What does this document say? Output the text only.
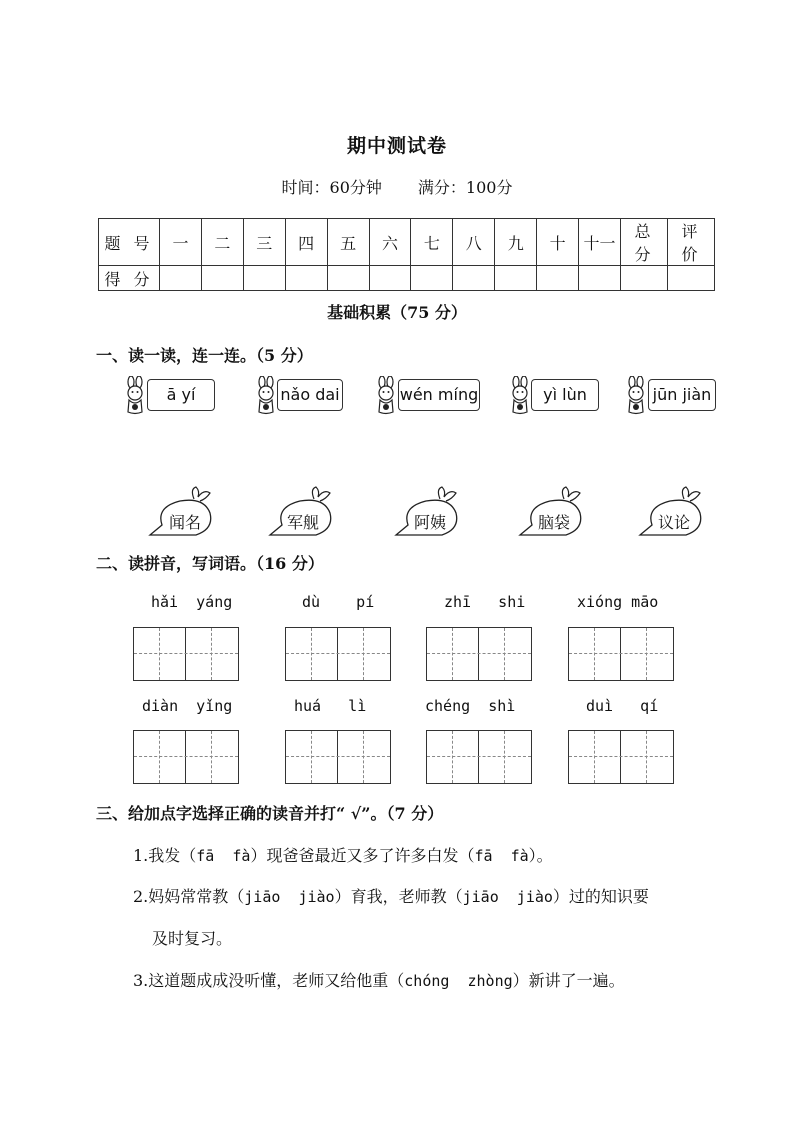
期中测试卷
时间：60分钟 满分：100分
题 号	一	二	三	四	五	六	七	八	九	十	十一	总 分	评 价
得 分													
基础积累（75 分）
一、读一读，连一连。（5 分）
ā yí	nǎo dai	wén míng	yì lùn	jūn jiàn
闻名	军舰	阿姨	脑袋	议论
二、读拼音，写词语。（16 分）
hǎi  yáng	dù    pí	zhī   shi	xióng māo
diàn  yǐng	huá   lì	chéng  shì	duì   qí
三、给加点字选择正确的读音并打“ √”。（7 分）
1.我发（fā  fà）现爸爸最近又多了许多白发（fā  fà）。
2.妈妈常常教（jiāo  jiào）育我，老师教（jiāo  jiào）过的知识要
及时复习。
3.这道题成成没听懂，老师又给他重（chóng  zhòng）新讲了一遍。
